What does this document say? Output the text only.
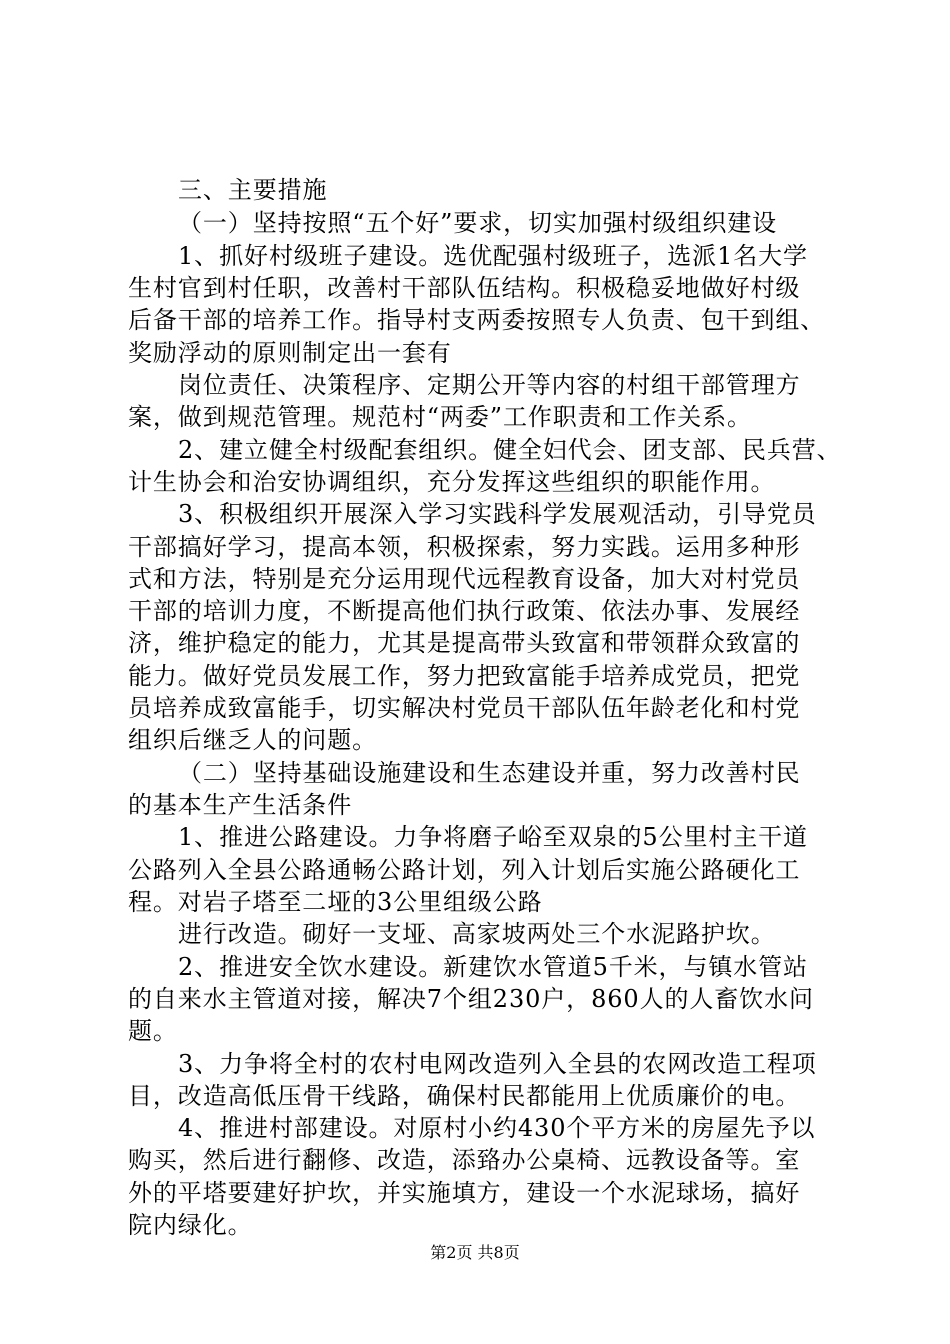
三、主要措施
（一）坚持按照“五个好”要求，切实加强村级组织建设
1、抓好村级班子建设。选优配强村级班子，选派1名大学
生村官到村任职，改善村干部队伍结构。积极稳妥地做好村级
后备干部的培养工作。指导村支两委按照专人负责、包干到组、
奖励浮动的原则制定出一套有
岗位责任、决策程序、定期公开等内容的村组干部管理方
案，做到规范管理。规范村“两委”工作职责和工作关系。
2、建立健全村级配套组织。健全妇代会、团支部、民兵营、
计生协会和治安协调组织，充分发挥这些组织的职能作用。
3、积极组织开展深入学习实践科学发展观活动，引导党员
干部搞好学习，提高本领，积极探索，努力实践。运用多种形
式和方法，特别是充分运用现代远程教育设备，加大对村党员
干部的培训力度，不断提高他们执行政策、依法办事、发展经
济，维护稳定的能力，尤其是提高带头致富和带领群众致富的
能力。做好党员发展工作，努力把致富能手培养成党员，把党
员培养成致富能手，切实解决村党员干部队伍年龄老化和村党
组织后继乏人的问题。
（二）坚持基础设施建设和生态建设并重，努力改善村民
的基本生产生活条件
1、推进公路建设。力争将磨子峪至双泉的5公里村主干道
公路列入全县公路通畅公路计划，列入计划后实施公路硬化工
程。对岩子塔至二垭的3公里组级公路
进行改造。砌好一支垭、高家坡两处三个水泥路护坎。
2、推进安全饮水建设。新建饮水管道5千米，与镇水管站
的自来水主管道对接，解决7个组230户，860人的人畜饮水问
题。
3、力争将全村的农村电网改造列入全县的农网改造工程项
目，改造高低压骨干线路，确保村民都能用上优质廉价的电。
4、推进村部建设。对原村小约430个平方米的房屋先予以
购买，然后进行翻修、改造，添臵办公桌椅、远教设备等。室
外的平塔要建好护坎，并实施填方，建设一个水泥球场，搞好
院内绿化。
第2页 共8页
